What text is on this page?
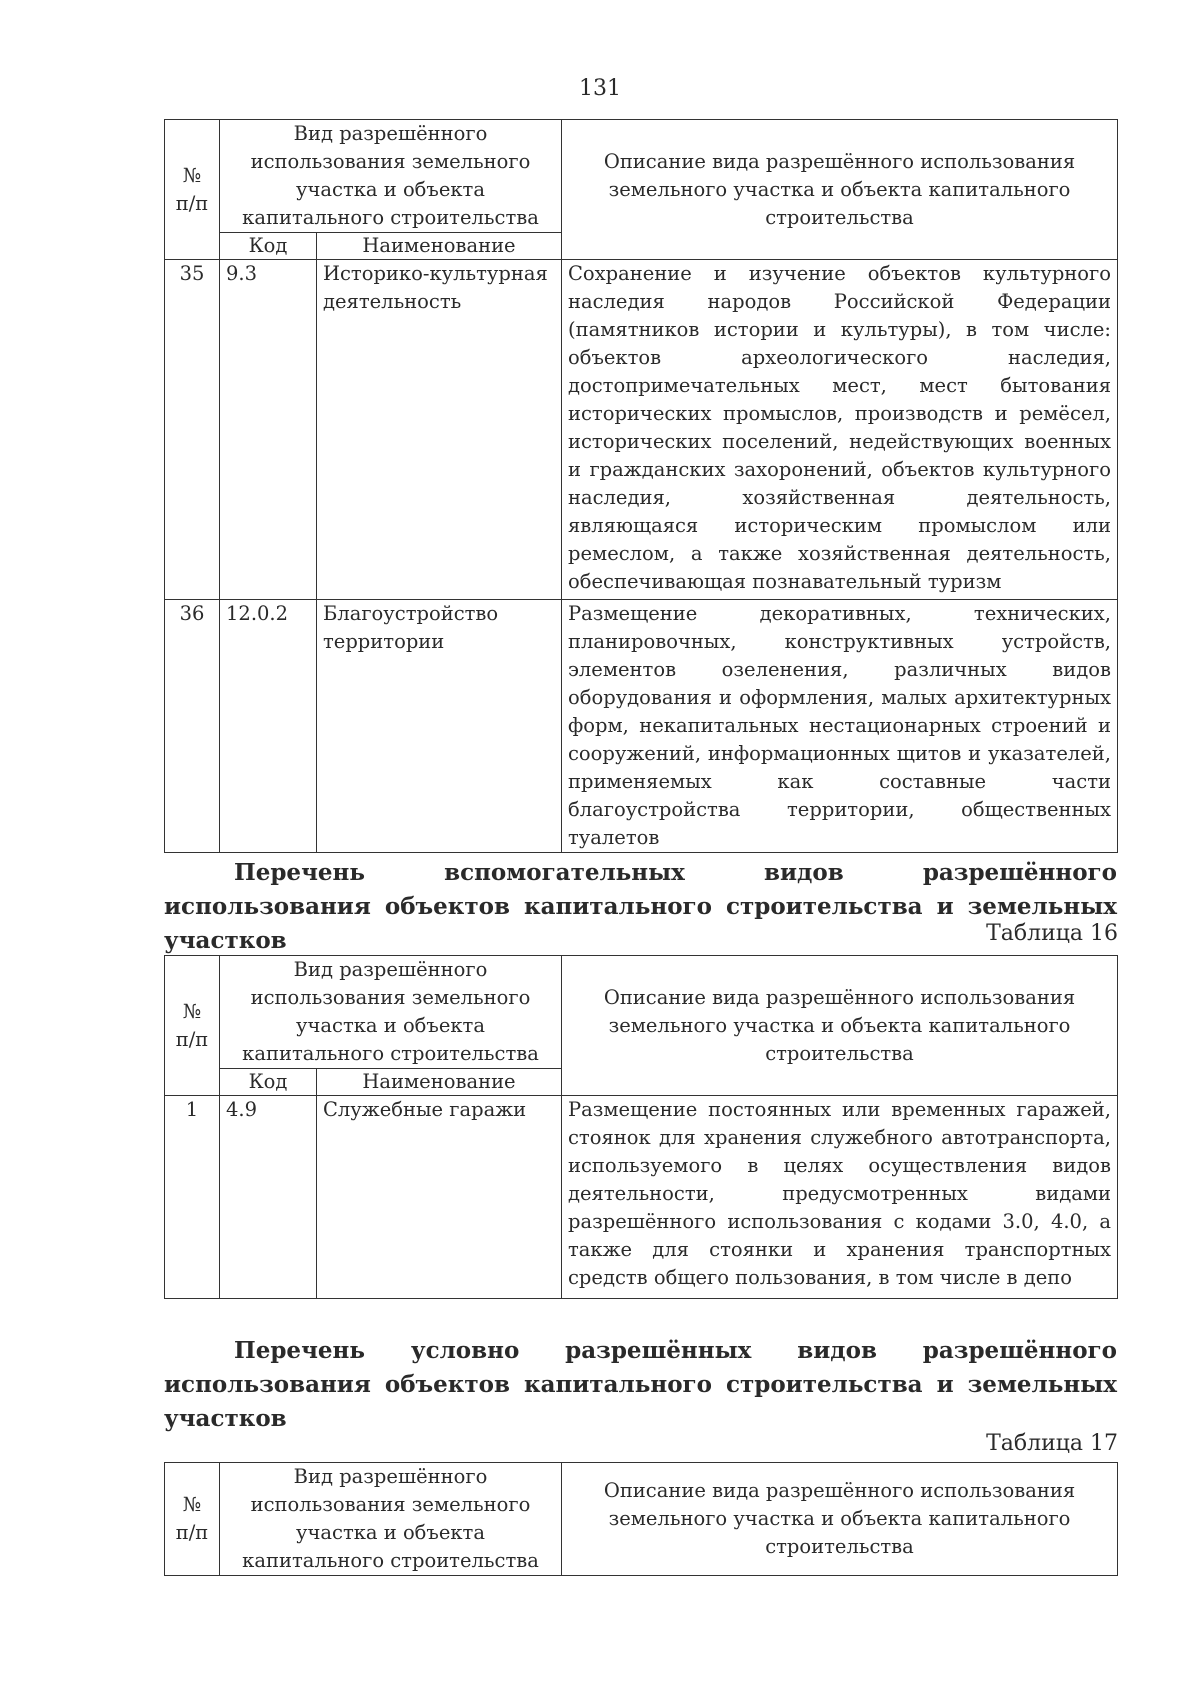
131
№ п/п	Вид разрешённого использования земельного участка и объекта капитального строительства		Описание вида разрешённого использования земельного участка и объекта капитального строительства
	Код	Наименование	
35	9.3	Историко-культурная деятельность	Сохранение и изучение объектов культурного наследия народов Российской Федерации (памятников истории и культуры), в том числе: объектов археологического наследия, достопримечательных мест, мест бытования исторических промыслов, производств и ремёсел, исторических поселений, недействующих военных и гражданских захоронений, объектов культурного наследия, хозяйственная деятельность, являющаяся историческим промыслом или ремеслом, а также хозяйственная деятельность, обеспечивающая познавательный туризм
36	12.0.2	Благоустройство территории	Размещение декоративных, технических, планировочных, конструктивных устройств, элементов озеленения, различных видов оборудования и оформления, малых архитектурных форм, некапитальных нестационарных строений и сооружений, информационных щитов и указателей, применяемых как составные части благоустройства территории, общественных туалетов

Перечень вспомогательных видов разрешённого использования объектов капитального строительства и земельных участков	Таблица 16
№ п/п	Вид разрешённого использования земельного участка и объекта капитального строительства		Описание вида разрешённого использования земельного участка и объекта капитального строительства
	Код	Наименование	
1	4.9	Служебные гаражи	Размещение постоянных или временных гаражей, стоянок для хранения служебного автотранспорта, используемого в целях осуществления видов деятельности, предусмотренных видами разрешённого использования с кодами 3.0, 4.0, а также для стоянки и хранения транспортных средств общего пользования, в том числе в депо

Перечень условно разрешённых видов разрешённого использования объектов капитального строительства и земельных участков

Таблица 17
№ п/п	Вид разрешённого использования земельного участка и объекта капитального строительства	Описание вида разрешённого использования земельного участка и объекта капитального строительства
